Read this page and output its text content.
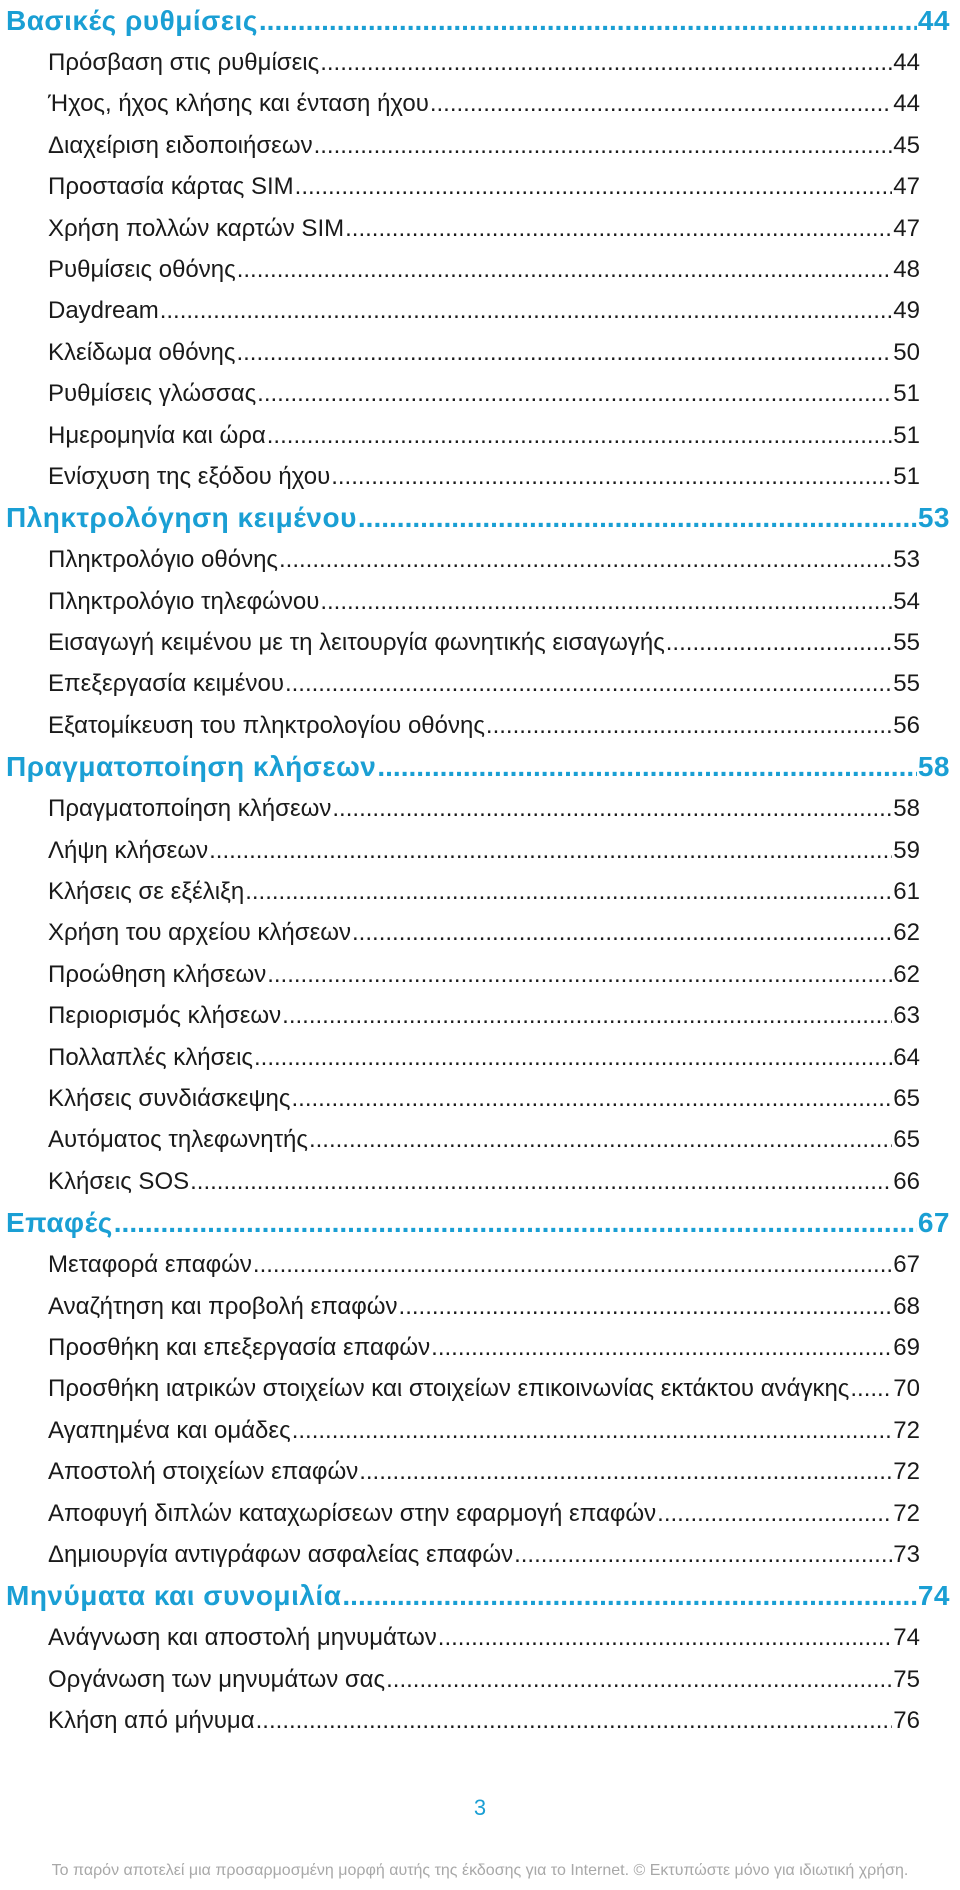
Βασικές ρυθμίσεις .....	44
Πρόσβαση στις ρυθμίσεις .....	44
Ήχος, ήχος κλήσης και ένταση ήχου .....	44
Διαχείριση ειδοποιήσεων .....	45
Προστασία κάρτας SIM .....	47
Χρήση πολλών καρτών SIM .....	47
Ρυθμίσεις οθόνης .....	48
Daydream .....	49
Κλείδωμα οθόνης .....	50
Ρυθμίσεις γλώσσας .....	51
Ημερομηνία και ώρα .....	51
Ενίσχυση της εξόδου ήχου .....	51
Πληκτρολόγηση κειμένου .....	53
Πληκτρολόγιο οθόνης .....	53
Πληκτρολόγιο τηλεφώνου .....	54
Εισαγωγή κειμένου με τη λειτουργία φωνητικής εισαγωγής .....	55
Επεξεργασία κειμένου .....	55
Εξατομίκευση του πληκτρολογίου οθόνης .....	56
Πραγματοποίηση κλήσεων .....	58
Πραγματοποίηση κλήσεων .....	58
Λήψη κλήσεων .....	59
Κλήσεις σε εξέλιξη .....	61
Χρήση του αρχείου κλήσεων .....	62
Προώθηση κλήσεων .....	62
Περιορισμός κλήσεων .....	63
Πολλαπλές κλήσεις .....	64
Κλήσεις συνδιάσκεψης .....	65
Αυτόματος τηλεφωνητής .....	65
Κλήσεις SOS .....	66
Επαφές .....	67
Μεταφορά επαφών .....	67
Αναζήτηση και προβολή επαφών .....	68
Προσθήκη και επεξεργασία επαφών .....	69
Προσθήκη ιατρικών στοιχείων και στοιχείων επικοινωνίας εκτάκτου ανάγκης ..... 70
Αγαπημένα και ομάδες .....	72
Αποστολή στοιχείων επαφών .....	72
Αποφυγή διπλών καταχωρίσεων στην εφαρμογή επαφών .....	72
Δημιουργία αντιγράφων ασφαλείας επαφών .....	73
Μηνύματα και συνομιλία .....	74
Ανάγνωση και αποστολή μηνυμάτων .....	74
Οργάνωση των μηνυμάτων σας .....	75
Κλήση από μήνυμα .....	76
3
Το παρόν αποτελεί μια προσαρμοσμένη μορφή αυτής της έκδοσης για το Internet. © Εκτυπώστε μόνο για ιδιωτική χρήση.
